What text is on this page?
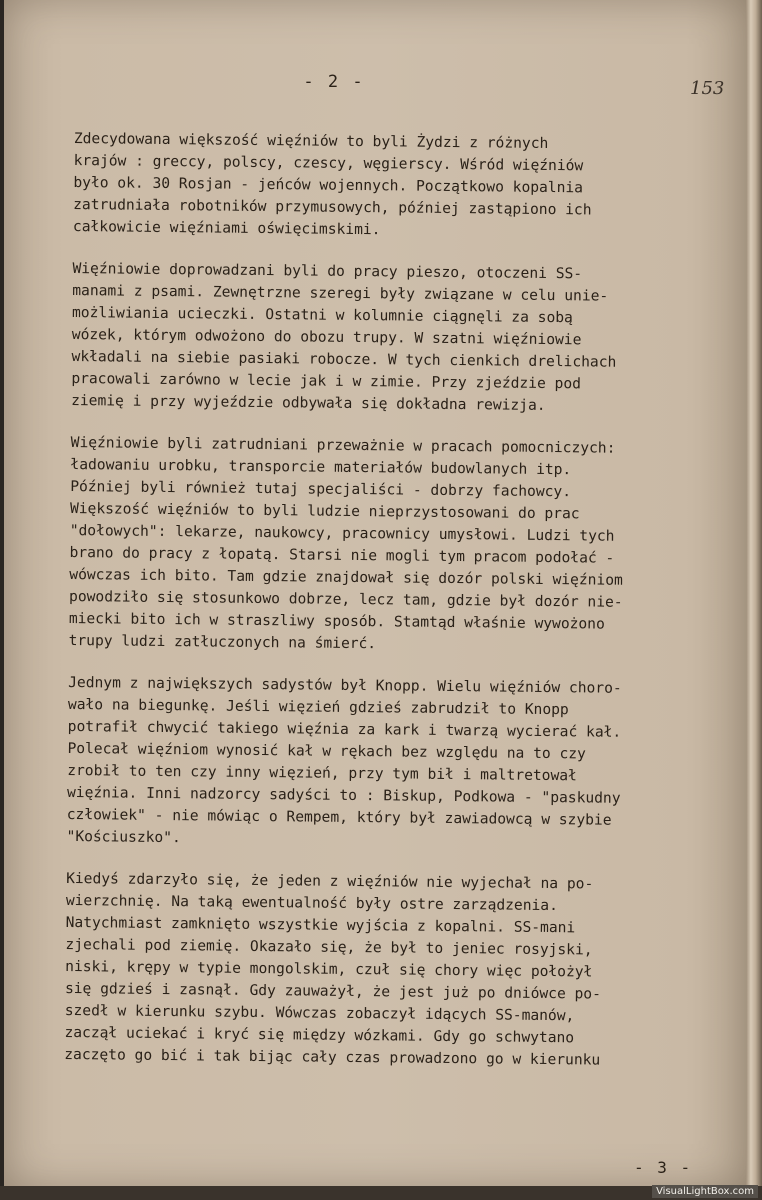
- 2 -	153
Zdecydowana większość więźniów to byli Żydzi z różnych
krajów : greccy, polscy, czescy, węgierscy. Wśród więźniów
było ok. 30 Rosjan - jeńców wojennych. Początkowo kopalnia
zatrudniała robotników przymusowych, później zastąpiono ich
całkowicie więźniami oświęcimskimi.
Więźniowie doprowadzani byli do pracy pieszo, otoczeni SS-
manami z psami. Zewnętrzne szeregi były związane w celu unie-
możliwiania ucieczki. Ostatni w kolumnie ciągnęli za sobą
wózek, którym odwożono do obozu trupy. W szatni więźniowie
wkładali na siebie pasiaki robocze. W tych cienkich drelichach
pracowali zarówno w lecie jak i w zimie. Przy zjeździe pod
ziemię i przy wyjeździe odbywała się dokładna rewizja.
Więźniowie byli zatrudniani przeważnie w pracach pomocniczych:
ładowaniu urobku, transporcie materiałów budowlanych itp.
Później byli również tutaj specjaliści - dobrzy fachowcy.
Większość więźniów to byli ludzie nieprzystosowani do prac
"dołowych": lekarze, naukowcy, pracownicy umysłowi. Ludzi tych
brano do pracy z łopatą. Starsi nie mogli tym pracom podołać -
wówczas ich bito. Tam gdzie znajdował się dozór polski więźniom
powodziło się stosunkowo dobrze, lecz tam, gdzie był dozór nie-
miecki bito ich w straszliwy sposób. Stamtąd właśnie wywożono
trupy ludzi zatłuczonych na śmierć.
Jednym z największych sadystów był Knopp. Wielu więźniów choro-
wało na biegunkę. Jeśli więzień gdzieś zabrudził to Knopp
potrafił chwycić takiego więźnia za kark i twarzą wycierać kał.
Polecał więźniom wynosić kał w rękach bez względu na to czy
zrobił to ten czy inny więzień, przy tym bił i maltretował
więźnia. Inni nadzorcy sadyści to : Biskup, Podkowa - "paskudny
człowiek" - nie mówiąc o Rempem, który był zawiadowcą w szybie
"Kościuszko".
Kiedyś zdarzyło się, że jeden z więźniów nie wyjechał na po-
wierzchnię. Na taką ewentualność były ostre zarządzenia.
Natychmiast zamknięto wszystkie wyjścia z kopalni. SS-mani
zjechali pod ziemię. Okazało się, że był to jeniec rosyjski,
niski, krępy w typie mongolskim, czuł się chory więc położył
się gdzieś i zasnął. Gdy zauważył, że jest już po dniówce po-
szedł w kierunku szybu. Wówczas zobaczył idących SS-manów,
zaczął uciekać i kryć się między wózkami. Gdy go schwytano
zaczęto go bić i tak bijąc cały czas prowadzono go w kierunku
- 3 -
VisualLightBox.com
